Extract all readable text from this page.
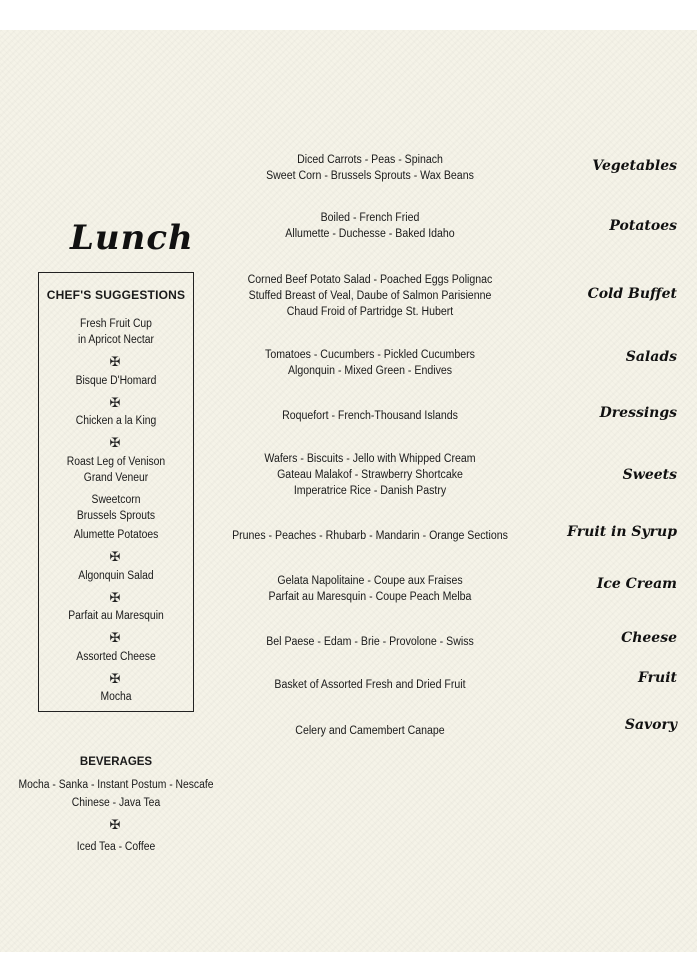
Lunch
CHEF'S SUGGESTIONS
Fresh Fruit Cup
in Apricot Nectar
✠
Bisque D'Homard
✠
Chicken a la King
✠
Roast Leg of Venison
Grand Veneur
Sweetcorn
Brussels Sprouts
Alumette Potatoes
✠
Algonquin Salad
✠
Parfait au Maresquin
✠
Assorted Cheese
✠
Mocha
BEVERAGES
Mocha - Sanka - Instant Postum - Nescafe
Chinese - Java Tea
✠
Iced Tea - Coffee
Diced Carrots - Peas - Spinach
Sweet Corn - Brussels Sprouts - Wax Beans
Vegetables
Boiled - French Fried
Allumette - Duchesse - Baked Idaho	Potatoes
Corned Beef Potato Salad - Poached Eggs Polignac
Stuffed Breast of Veal, Daube of Salmon Parisienne
Chaud Froid of Partridge St. Hubert
Cold Buffet
Tomatoes - Cucumbers - Pickled Cucumbers
Algonquin - Mixed Green - Endives
Salads
Roquefort - French-Thousand Islands	Dressings
Wafers - Biscuits - Jello with Whipped Cream
Gateau Malakof - Strawberry Shortcake
Imperatrice Rice - Danish Pastry
Sweets
Prunes - Peaches - Rhubarb - Mandarin - Orange Sections	Fruit in Syrup
Gelata Napolitaine - Coupe aux Fraises
Parfait au Maresquin - Coupe Peach Melba
Ice Cream
Bel Paese - Edam - Brie - Provolone - Swiss	Cheese
Basket of Assorted Fresh and Dried Fruit	Fruit
Celery and Camembert Canape	Savory
